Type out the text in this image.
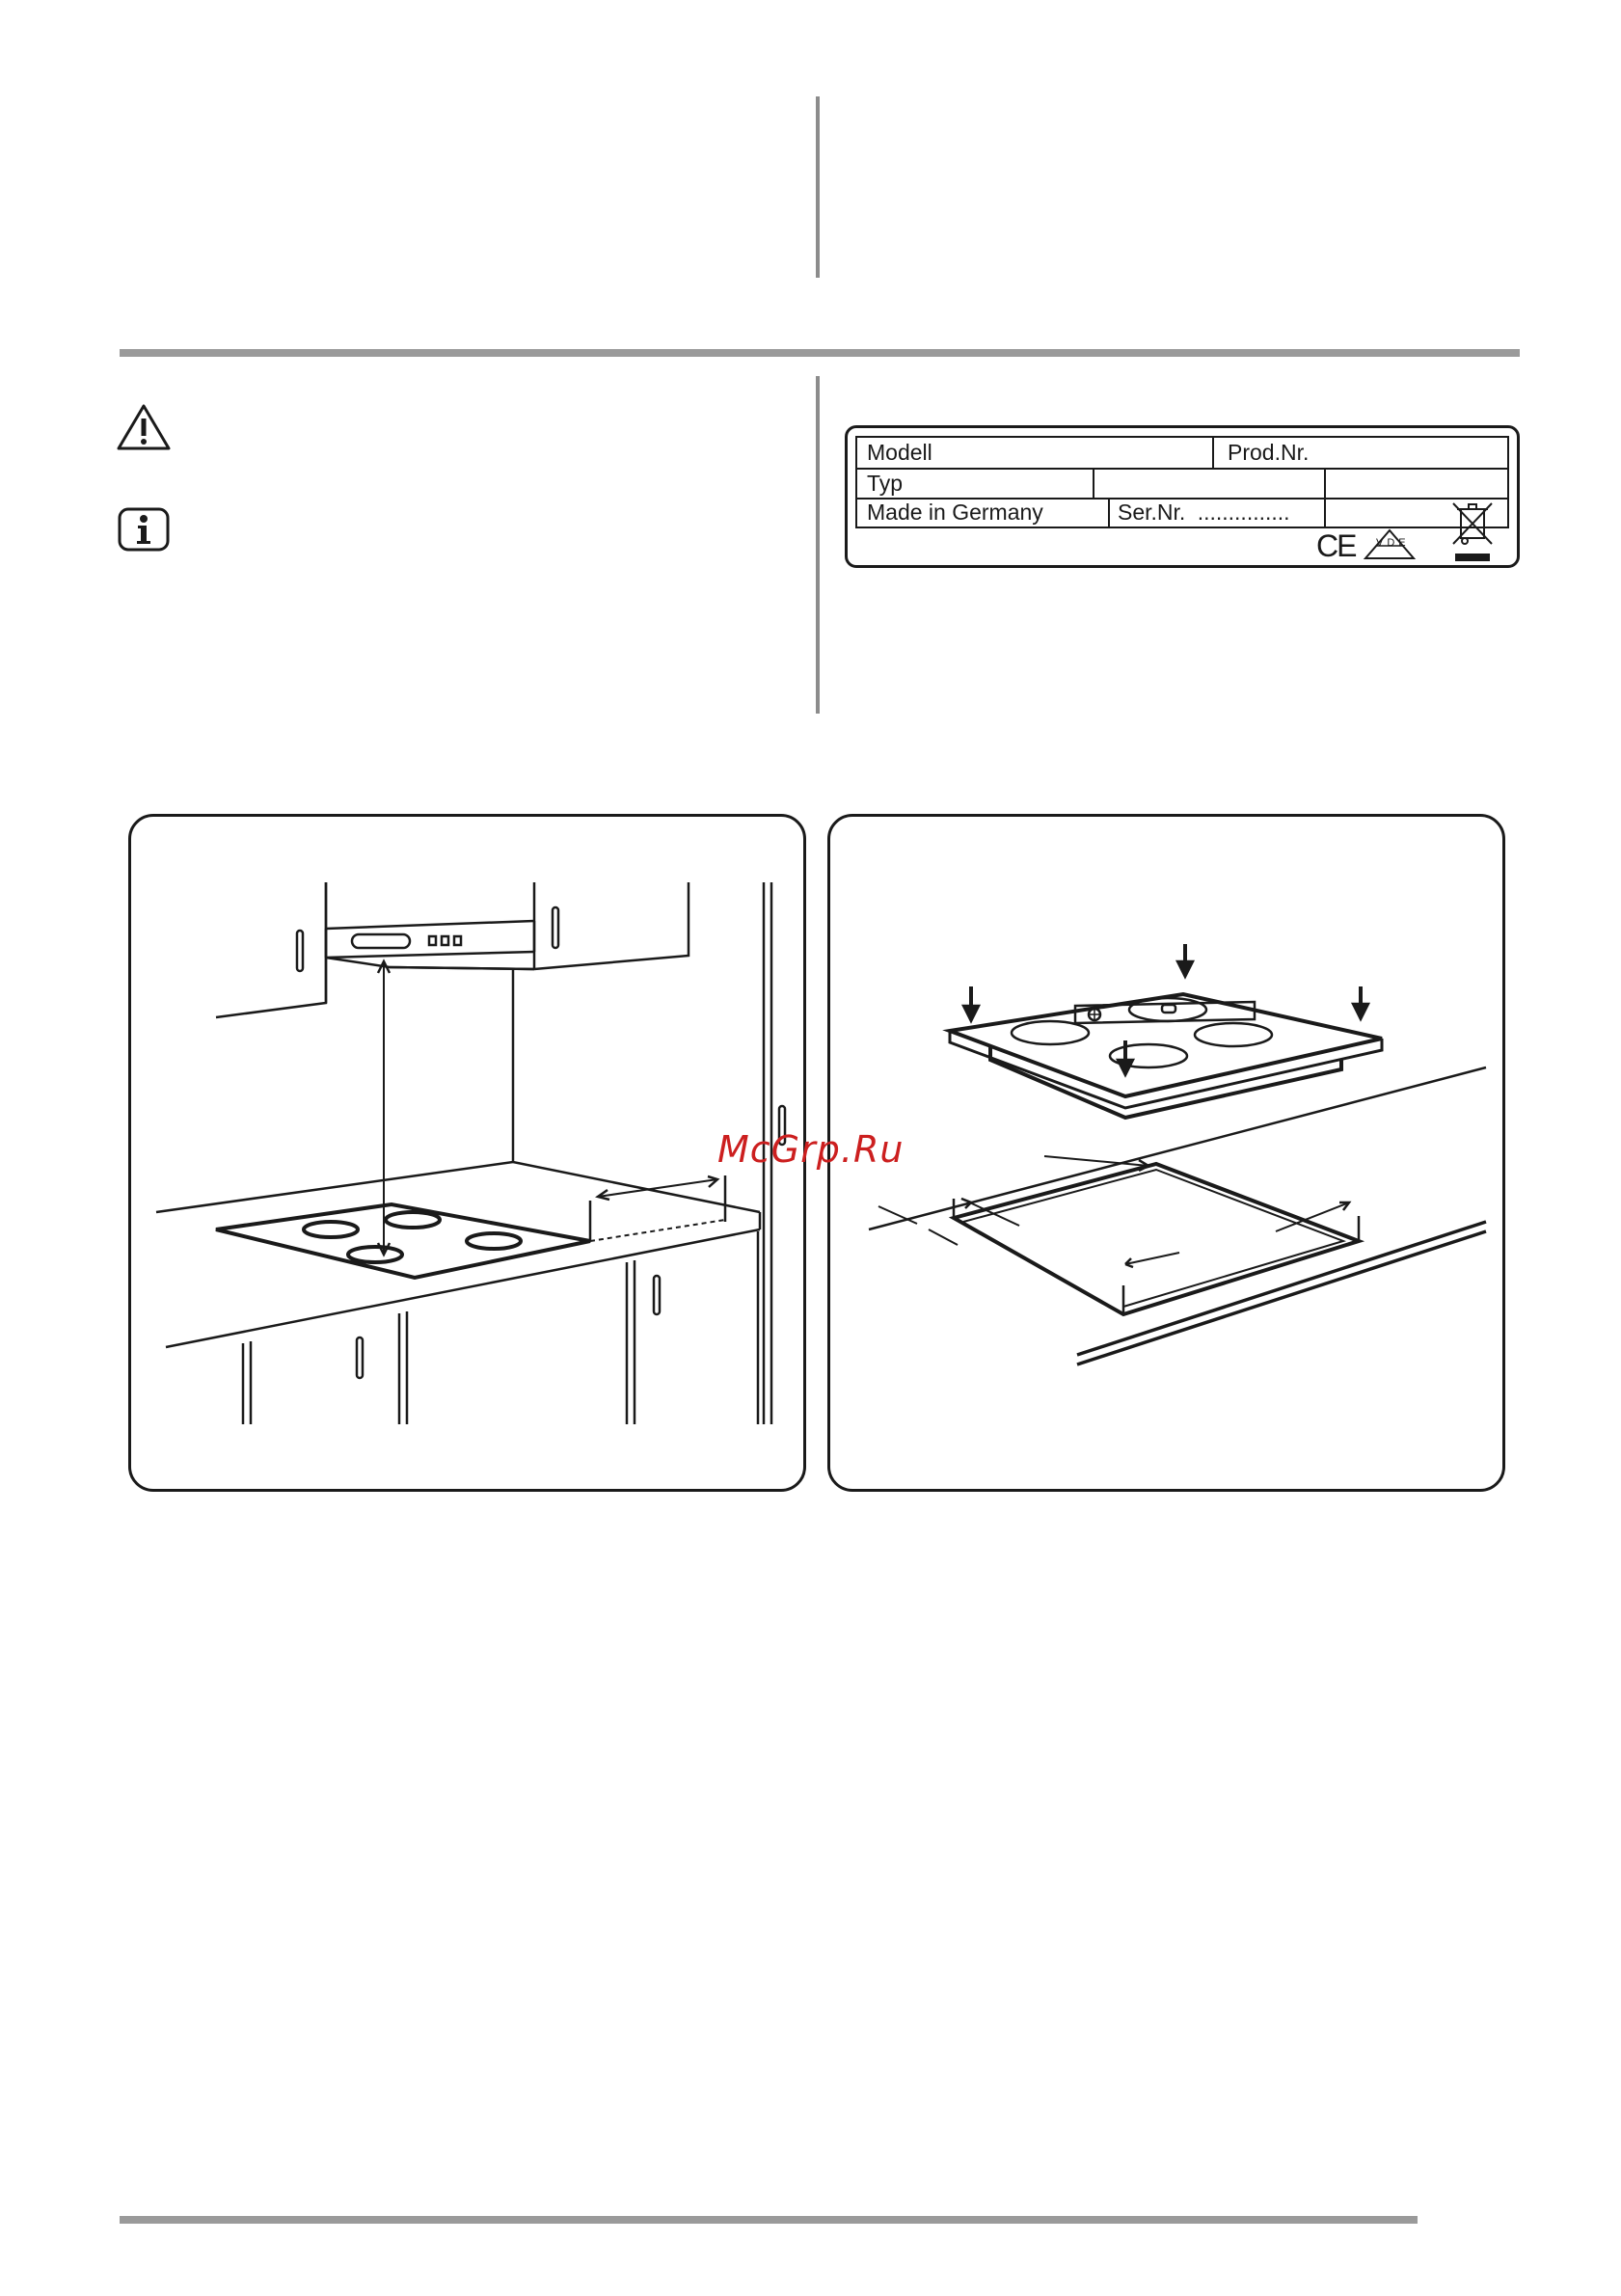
Modell	Prod.Nr.
Typ
Made in Germany	Ser.Nr. ...............
CE VDE
McGrp.Ru
